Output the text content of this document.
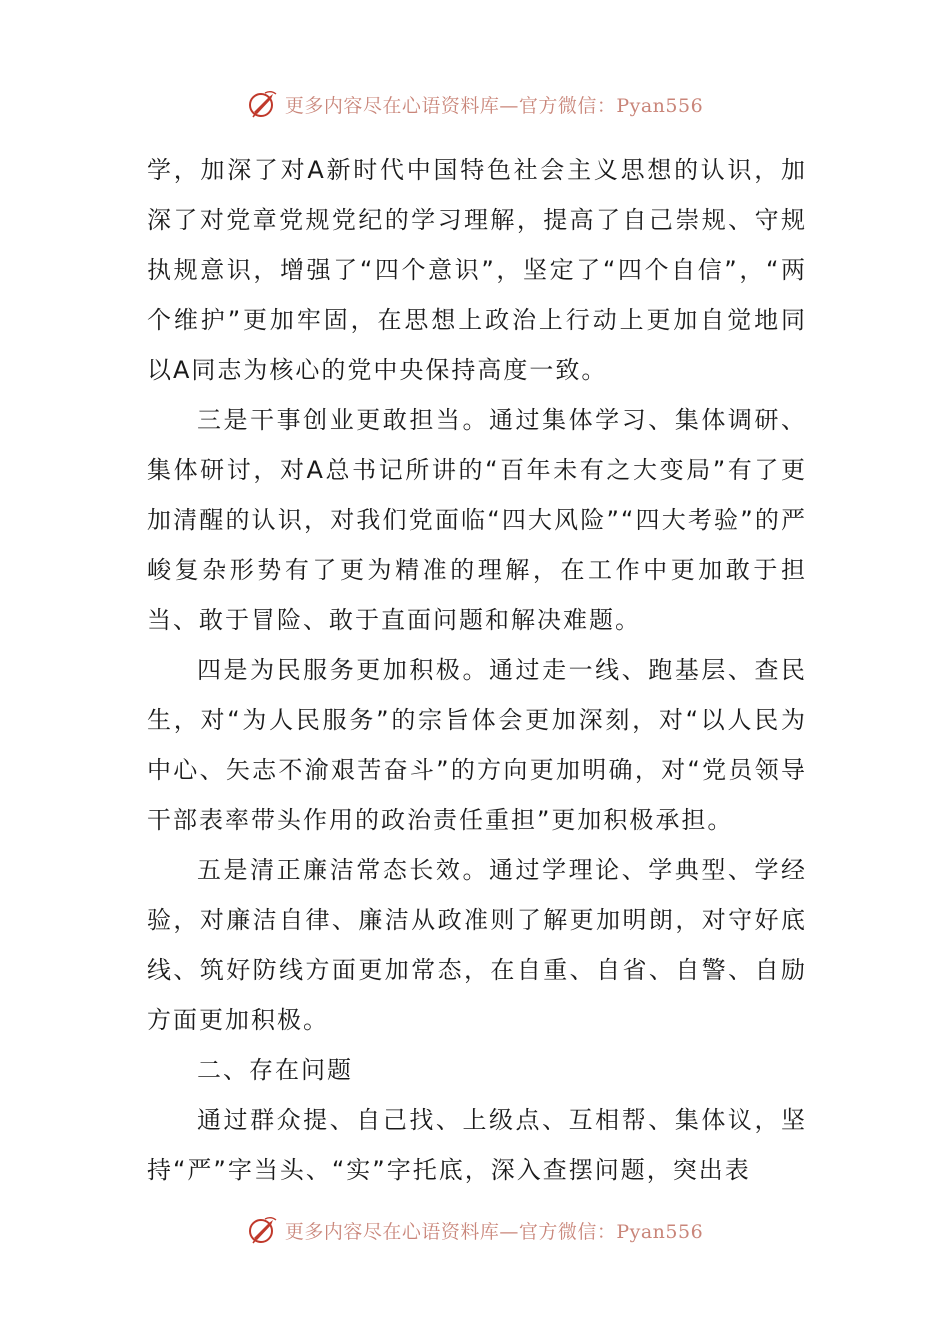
更多内容尽在心语资料库—官方微信：Pyan556

学，加深了对A新时代中国特色社会主义思想的认识，加深了对党章党规党纪的学习理解，提高了自己崇规、守规执规意识，增强了“四个意识”，坚定了“四个自信”，“两个维护”更加牢固，在思想上政治上行动上更加自觉地同以A同志为核心的党中央保持高度一致。

三是干事创业更敢担当。通过集体学习、集体调研、集体研讨，对A总书记所讲的“百年未有之大变局”有了更加清醒的认识，对我们党面临“四大风险”“四大考验”的严峻复杂形势有了更为精准的理解，在工作中更加敢于担当、敢于冒险、敢于直面问题和解决难题。

四是为民服务更加积极。通过走一线、跑基层、查民生，对“为人民服务”的宗旨体会更加深刻，对“以人民为中心、矢志不渝艰苦奋斗”的方向更加明确，对“党员领导干部表率带头作用的政治责任重担”更加积极承担。

五是清正廉洁常态长效。通过学理论、学典型、学经验，对廉洁自律、廉洁从政准则了解更加明朗，对守好底线、筑好防线方面更加常态，在自重、自省、自警、自励方面更加积极。

二、存在问题

通过群众提、自己找、上级点、互相帮、集体议，坚持“严”字当头、“实”字托底，深入查摆问题，突出表

更多内容尽在心语资料库—官方微信：Pyan556
